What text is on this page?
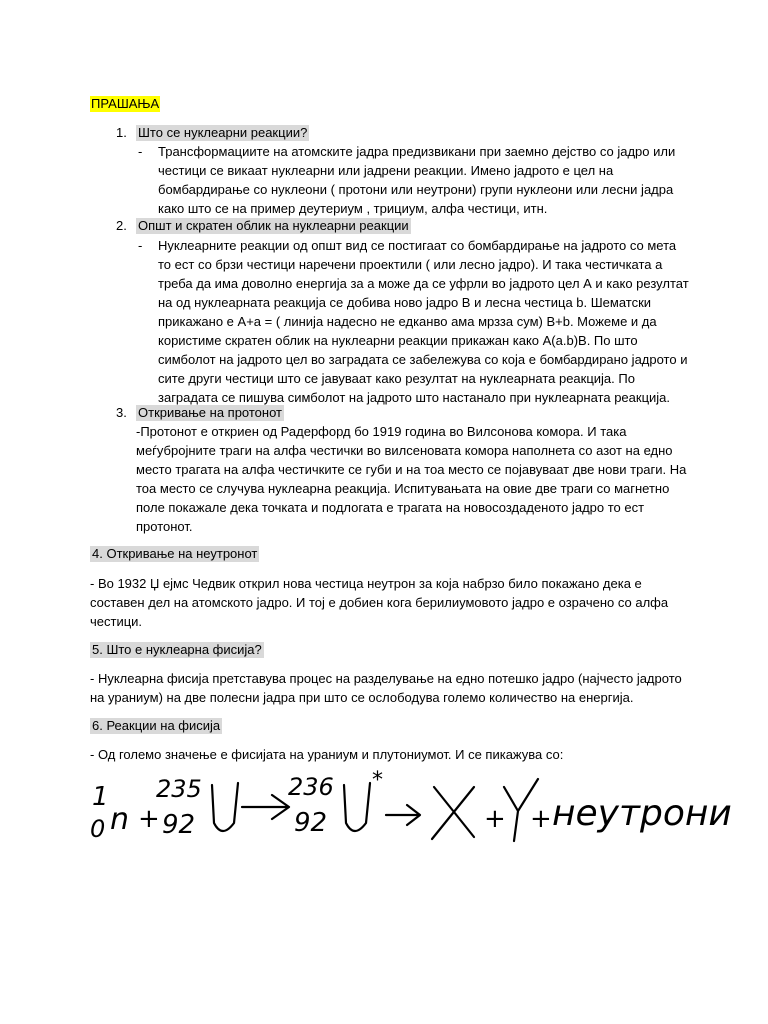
ПРАШАЊА
1. Што се нуклеарни реакции?
- Трансформациите на атомските јадра предизвикани при заемно дејство со јадро или
честици се викаат нуклеарни или јадрени реакции. Имено јадрото е цел на
бомбардирање со нуклеони ( протони или неутрони) групи нуклеони или лесни јадра
како што се на пример деутериум , трициум, алфа честици, итн.
2. Општ и скратен облик на нуклеарни реакции
- Нуклеарните реакции од општ вид се постигаат со бомбардирање на јадрото со мета
то ест со брзи честици наречени проектили ( или лесно јадро). И така честичката а
треба да има доволно енергија за а може да се уфрли во јадрото цел А и како резултат
на од нуклеарната реакција се добива ново јадро В и лесна честица b. Шематски
прикажано е А+а = ( линија надесно не едканво ама мрзза сум) B+b. Можеме и да
користиме скратен облик на нуклеарни реакции прикажан како А(а.b)B. По што
симболот на јадрото цел во заградата се забележува со која е бомбардирано јадрото и
сите други честици што се јавуваат како резултат на нуклеарната реакција. По
заградата се пишува симболот на јадрото што настанало при нуклеарната реакција.
3. Откривање на протонот
-Протонот е откриен од Радерфорд бо 1919 година во Вилсонова комора. И така
меѓубројните траги на алфа честички во вилсеновата комора наполнета со азот на едно
место трагата на алфа честичките се губи и на тоа место се појавуваат две нови траги. На
тоа место се случува нуклеарна реакција. Испитувањата на овие две траги со магнетно
поле покажале дека точката и подлогата е трагата на новосоздаденото јадро то ест
протонот.
4. Откривање на неутронот
- Во 1932 Џ ејмс Чедвик открил нова честица неутрон за која набрзо било покажано дека е
составен дел на атомското јадро. И тој е добиен кога берилиумовото јадро е озрачено со алфа
честици.
5. Што е нуклеарна фисија?
- Нуклеарна фисија претставува процес на разделување на едно потешко јадро (најчесто јадрото
на ураниум) на две полесни јадра при што се ослободува големо количество на енергија.
6. Реакции на фисија
- Од големо значење е фисијата на ураниум и плутониумот. И се пикажува со:
1
0 n +
235
92
236
92
*
+ + неутрони
